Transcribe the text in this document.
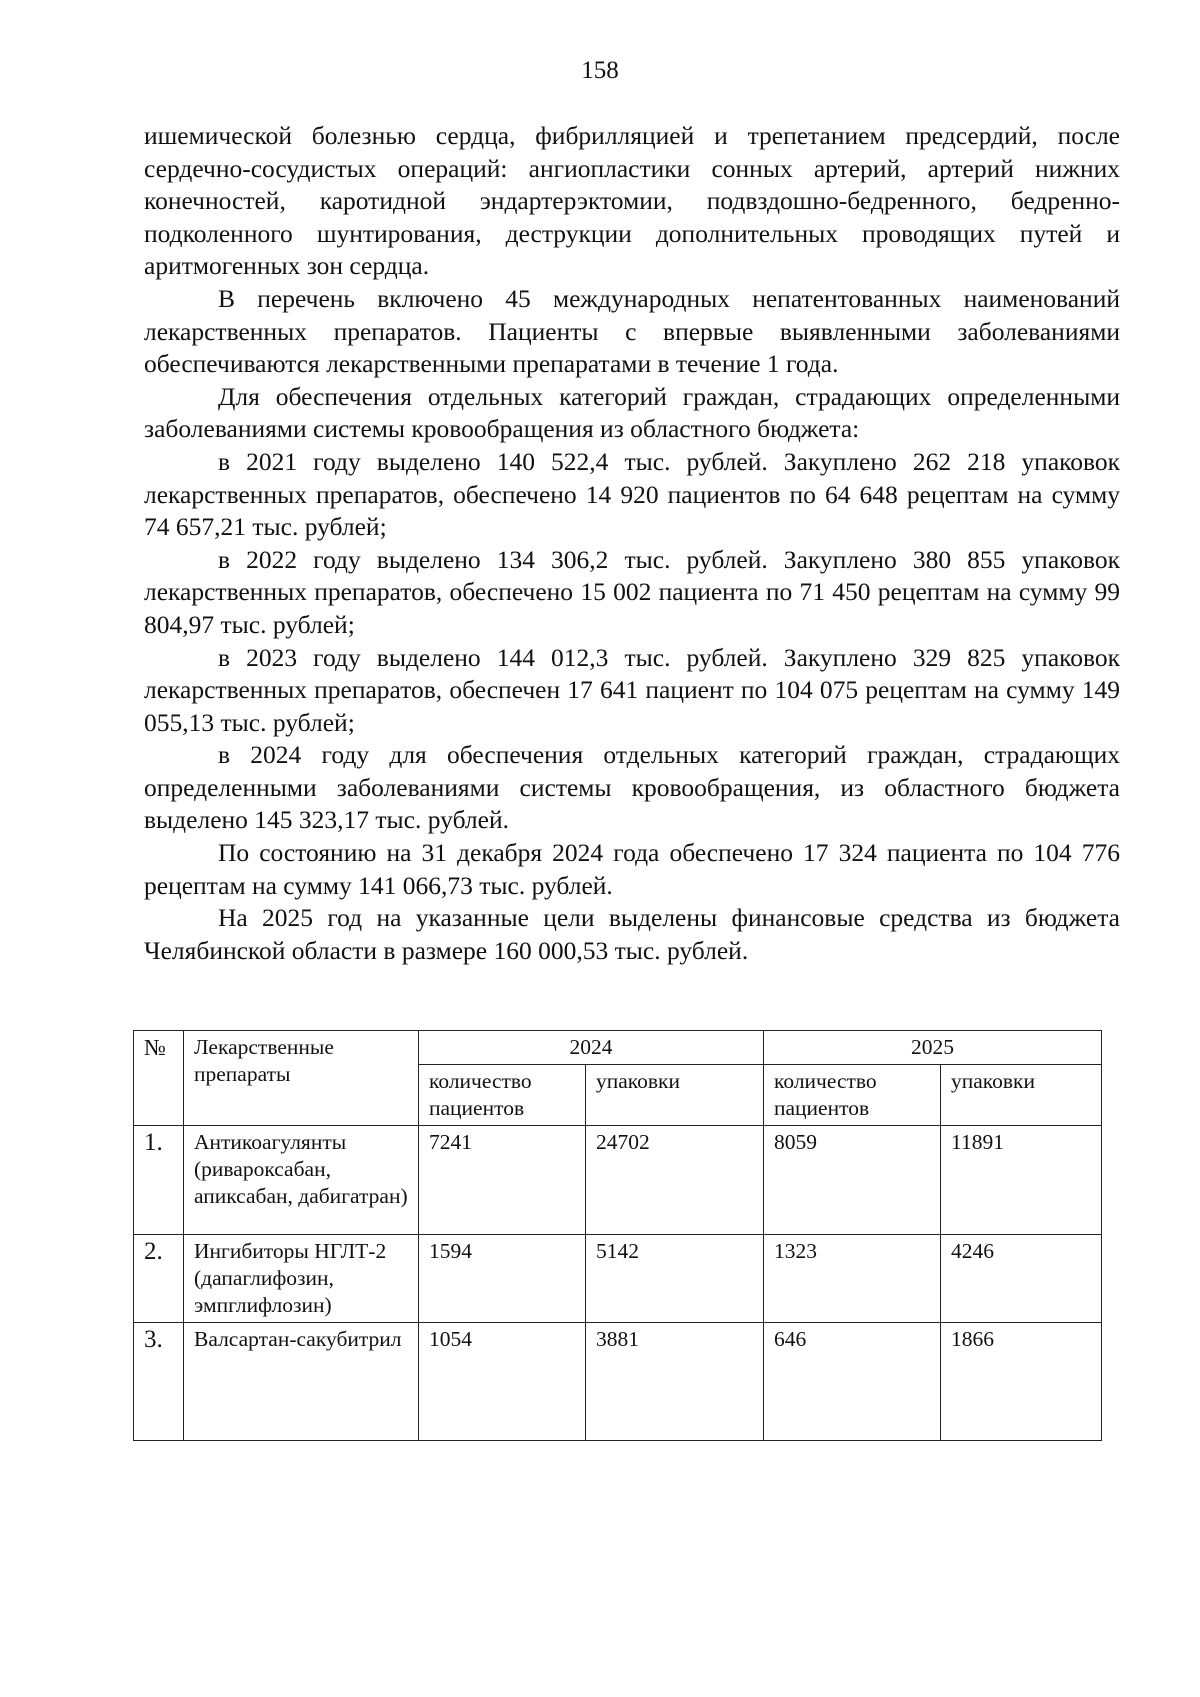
158

ишемической болезнью сердца, фибрилляцией и трепетанием предсердий, после сердечно-сосудистых операций: ангиопластики сонных артерий, артерий нижних конечностей, каротидной эндартерэктомии, подвздошно-бедренного, бедренно-подколенного шунтирования, деструкции дополнительных проводящих путей и аритмогенных зон сердца.

В перечень включено 45 международных непатентованных наименований лекарственных препаратов. Пациенты с впервые выявленными заболеваниями обеспечиваются лекарственными препаратами в течение 1 года.

Для обеспечения отдельных категорий граждан, страдающих определенными заболеваниями системы кровообращения из областного бюджета:

в 2021 году выделено 140 522,4 тыс. рублей. Закуплено 262 218 упаковок лекарственных препаратов, обеспечено 14 920 пациентов по 64 648 рецептам на сумму 74 657,21 тыс. рублей;

в 2022 году выделено 134 306,2 тыс. рублей. Закуплено 380 855 упаковок лекарственных препаратов, обеспечено 15 002 пациента по 71 450 рецептам на сумму 99 804,97 тыс. рублей;

в 2023 году выделено 144 012,3 тыс. рублей. Закуплено 329 825 упаковок лекарственных препаратов, обеспечен 17 641 пациент по 104 075 рецептам на сумму 149 055,13 тыс. рублей;

в 2024 году для обеспечения отдельных категорий граждан, страдающих определенными заболеваниями системы кровообращения, из областного бюджета выделено 145 323,17 тыс. рублей.

По состоянию на 31 декабря 2024 года обеспечено 17 324 пациента по 104 776 рецептам на сумму 141 066,73 тыс. рублей.

На 2025 год на указанные цели выделены финансовые средства из бюджета Челябинской области в размере 160 000,53 тыс. рублей.

№	Лекарственные препараты	2024		2025	
		количество пациентов	упаковки	количество пациентов	упаковки
1.	Антикоагулянты (ривароксабан, апиксабан, дабигатран)	7241	24702	8059	11891
2.	Ингибиторы НГЛТ-2 (дапаглифозин, эмпглифлозин)	1594	5142	1323	4246
3.	Валсартан-сакубитрил	1054	3881	646	1866
